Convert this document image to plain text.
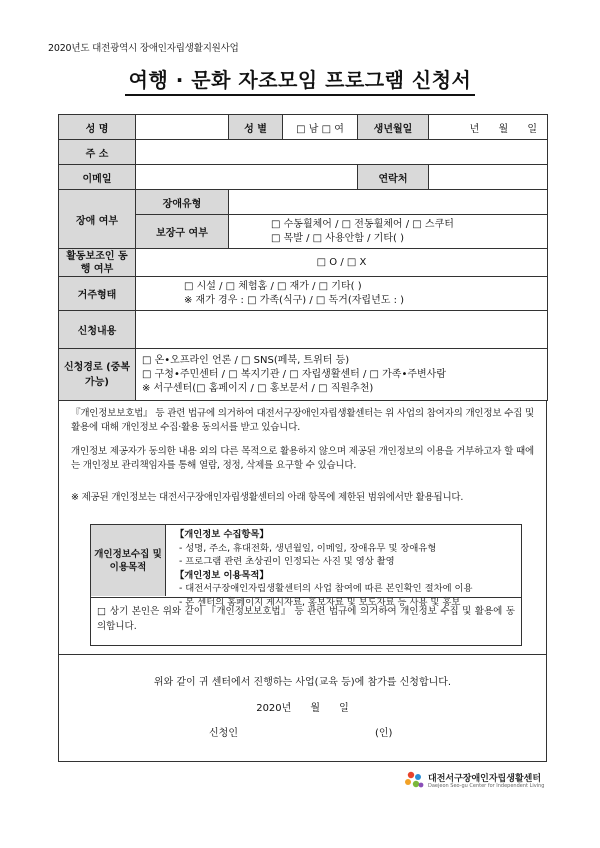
2020년도 대전광역시 장애인자립생활지원사업
여행 · 문화 자조모임 프로그램 신청서
성 명		성 별	□ 남 □ 여	생년월일	년 월 일
주 소					
이메일				연락처	
장애 여부	장애유형				
	보장구 여부	□ 수동휠체어 / □ 전동휠체어 / □ 스쿠터
□ 목발 / □ 사용안함 / 기타( )			

활동보조인 동행 여부	□ O / □ X				
거주형태	□ 시설 / □ 체험홈 / □ 재가 / □ 기타( )
※ 재가 경우 : □ 가족(식구) / □ 독거(자립년도 : )				

신청내용					
신청경로 (중복가능)	□ 온•오프라인 언론 / □ SNS(페북, 트위터 등)
□ 구청•주민센터 / □ 복지기관 / □ 자립생활센터 / □ 가족•주변사람
※ 서구센터(□ 홈페이지 / □ 홍보문서 / □ 직원추천)				
『개인정보보호법』 등 관련 법규에 의거하여 대전서구장애인자립생활센터는 위 사업의 참여자의 개인정보 수집 및 활용에 대해 개인정보 수집·활용 동의서를 받고 있습니다.
개인정보 제공자가 동의한 내용 외의 다른 목적으로 활용하지 않으며 제공된 개인정보의 이용을 거부하고자 할 때에는 개인정보 관리책임자를 통해 열람, 정정, 삭제를 요구할 수 있습니다.
※ 제공된 개인정보는 대전서구장애인자립생활센터의 아래 항목에 제한된 범위에서만 활용됩니다.
개인정보수집 및 이용목적
【개인정보 수집항목】
- 성명, 주소, 휴대전화, 생년월일, 이메일, 장애유무 및 장애유형
- 프로그램 관련 초상권이 인정되는 사진 및 영상 촬영
【개인정보 이용목적】
- 대전서구장애인자립생활센터의 사업 참여에 따른 본인확인 절차에 이용
- 본 센터의 홈페이지 게시자료, 홍보자료 및 보도자료 등 사용 및 홍보
□ 상기 본인은 위와 같이 『개인정보보호법』 등 관련 법규에 의거하여 개인정보 수집 및 활용에 동의합니다.
위와 같이 귀 센터에서 진행하는 사업(교육 등)에 참가를 신청합니다.
2020년      월      일
신청인	(인)
대전서구장애인자립생활센터
Daejeon Seo-gu Center for Independent Living
